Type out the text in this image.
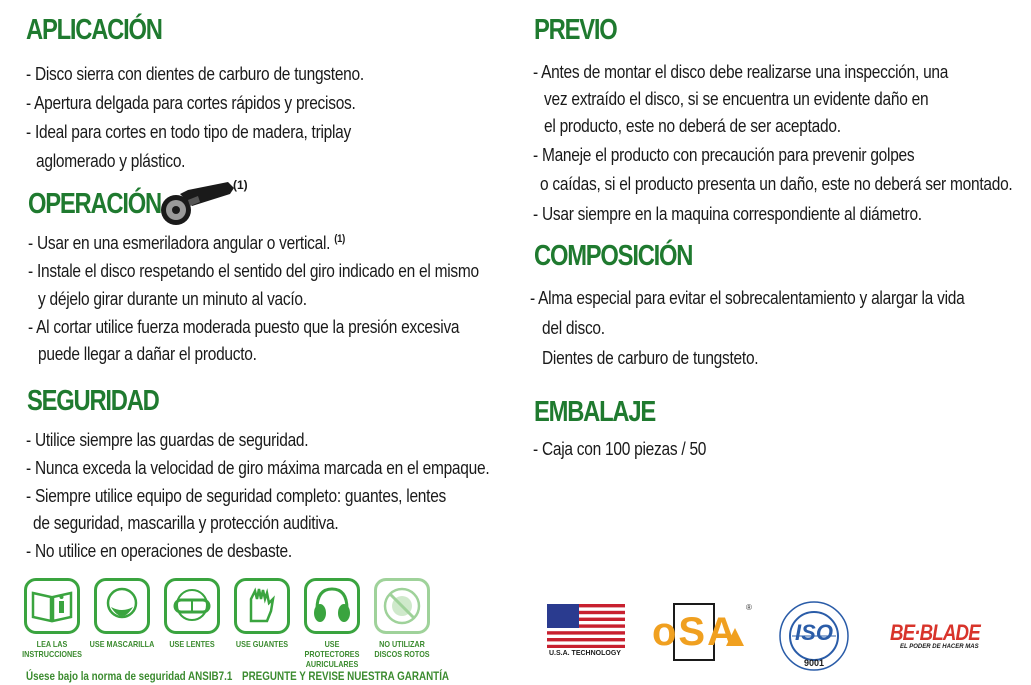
APLICACIÓN
- Disco sierra con dientes de carburo de tungsteno.
- Apertura delgada para cortes rápidos y precisos.
- Ideal para cortes en todo tipo de madera, triplay
aglomerado y plástico.
OPERACIÓN
(1)
- Usar en una esmeriladora angular o vertical. $^{(1)}$
- Instale el disco respetando el sentido del giro indicado en el mismo
y déjelo girar durante un minuto al vacío.
- Al cortar utilice fuerza moderada puesto que la presión excesiva
puede llegar a dañar el producto.
SEGURIDAD
- Utilice siempre las guardas de seguridad.
- Nunca exceda la velocidad de giro máxima marcada en el empaque.
- Siempre utilice equipo de seguridad completo: guantes, lentes
de seguridad, mascarilla y protección auditiva.
- No utilice en operaciones de desbaste.
LEA LAS INSTRUCCIONES
USE MASCARILLA	USE LENTES	USE GUANTES	USE PROTECTORES AURICULARES
NO UTILIZAR DISCOS ROTOS
Úsese bajo la norma de seguridad ANSIB7.1 PREGUNTE Y REVISE NUESTRA GARANTÍA
PREVIO
- Antes de montar el disco debe realizarse una inspección, una
vez extraído el disco, si se encuentra un evidente daño en
el producto, este no deberá de ser aceptado.
- Maneje el producto con precaución para prevenir golpes
o caídas, si el producto presenta un daño, este no deberá ser montado.
- Usar siempre en la maquina correspondiente al diámetro.
COMPOSICIÓN
- Alma especial para evitar el sobrecalentamiento y alargar la vida
del disco.
Dientes de carburo de tungsteto.
EMBALAJE
- Caja con 100 piezas / 50
U.S.A. TECHNOLOGY
®
oSA	ISO
9001
BE·BLADE
EL PODER DE HACER MAS
